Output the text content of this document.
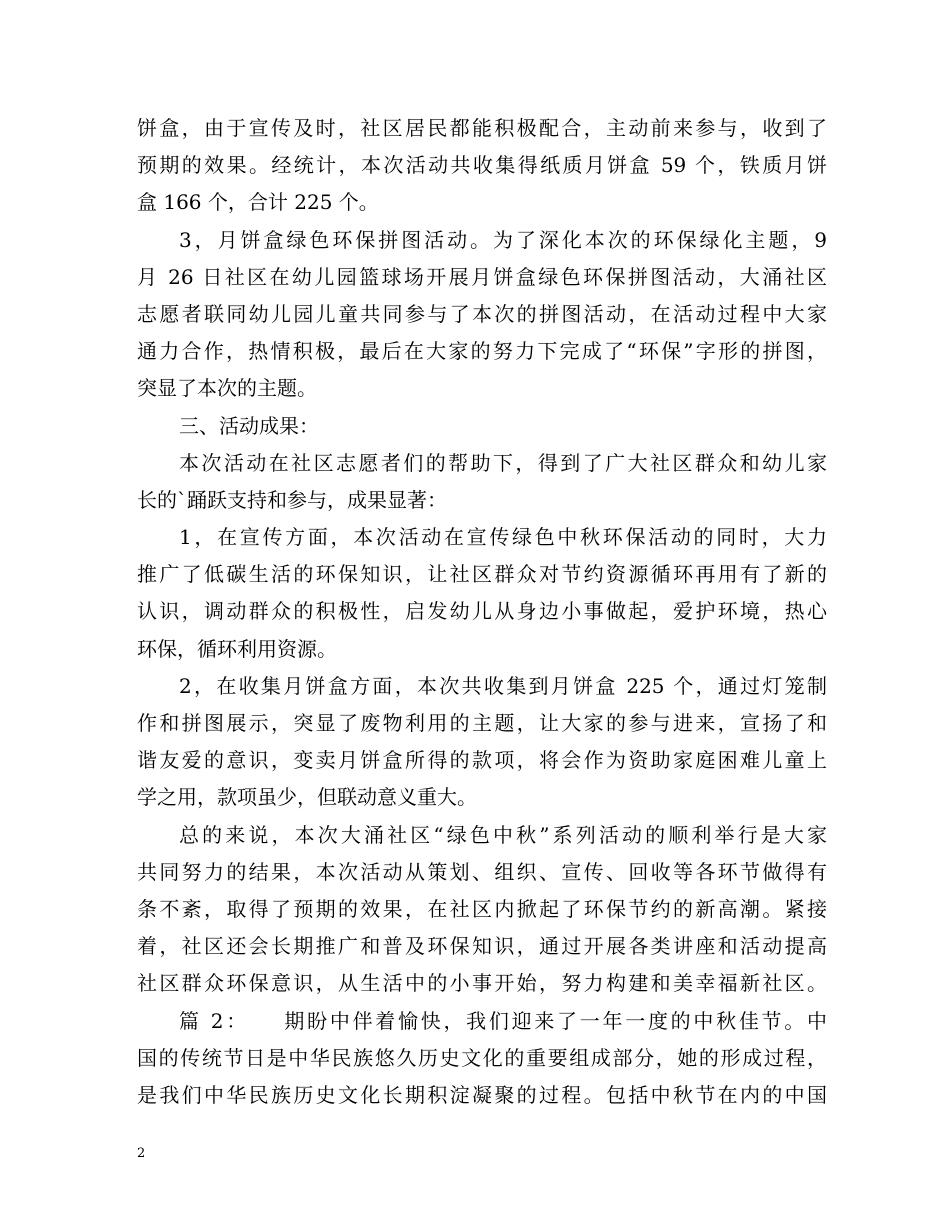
饼盒，由于宣传及时，社区居民都能积极配合，主动前来参与，收到了
预期的效果。经统计，本次活动共收集得纸质月饼盒 59 个，铁质月饼
盒 166 个，合计 225 个。
3，月饼盒绿色环保拼图活动。为了深化本次的环保绿化主题，9
月 26 日社区在幼儿园篮球场开展月饼盒绿色环保拼图活动，大涌社区
志愿者联同幼儿园儿童共同参与了本次的拼图活动，在活动过程中大家
通力合作，热情积极，最后在大家的努力下完成了“环保”字形的拼图，
突显了本次的主题。
三、活动成果：
本次活动在社区志愿者们的帮助下，得到了广大社区群众和幼儿家
长的`踊跃支持和参与，成果显著：
1，在宣传方面，本次活动在宣传绿色中秋环保活动的同时，大力
推广了低碳生活的环保知识，让社区群众对节约资源循环再用有了新的
认识，调动群众的积极性，启发幼儿从身边小事做起，爱护环境，热心
环保，循环利用资源。
2，在收集月饼盒方面，本次共收集到月饼盒 225 个，通过灯笼制
作和拼图展示，突显了废物利用的主题，让大家的参与进来，宣扬了和
谐友爱的意识，变卖月饼盒所得的款项，将会作为资助家庭困难儿童上
学之用，款项虽少，但联动意义重大。
总的来说，本次大涌社区“绿色中秋”系列活动的顺利举行是大家
共同努力的结果，本次活动从策划、组织、宣传、回收等各环节做得有
条不紊，取得了预期的效果，在社区内掀起了环保节约的新高潮。紧接
着，社区还会长期推广和普及环保知识，通过开展各类讲座和活动提高
社区群众环保意识，从生活中的小事开始，努力构建和美幸福新社区。
篇 2：　　期盼中伴着愉快，我们迎来了一年一度的中秋佳节。中
国的传统节日是中华民族悠久历史文化的重要组成部分，她的形成过程，
是我们中华民族历史文化长期积淀凝聚的过程。包括中秋节在内的中国
2
